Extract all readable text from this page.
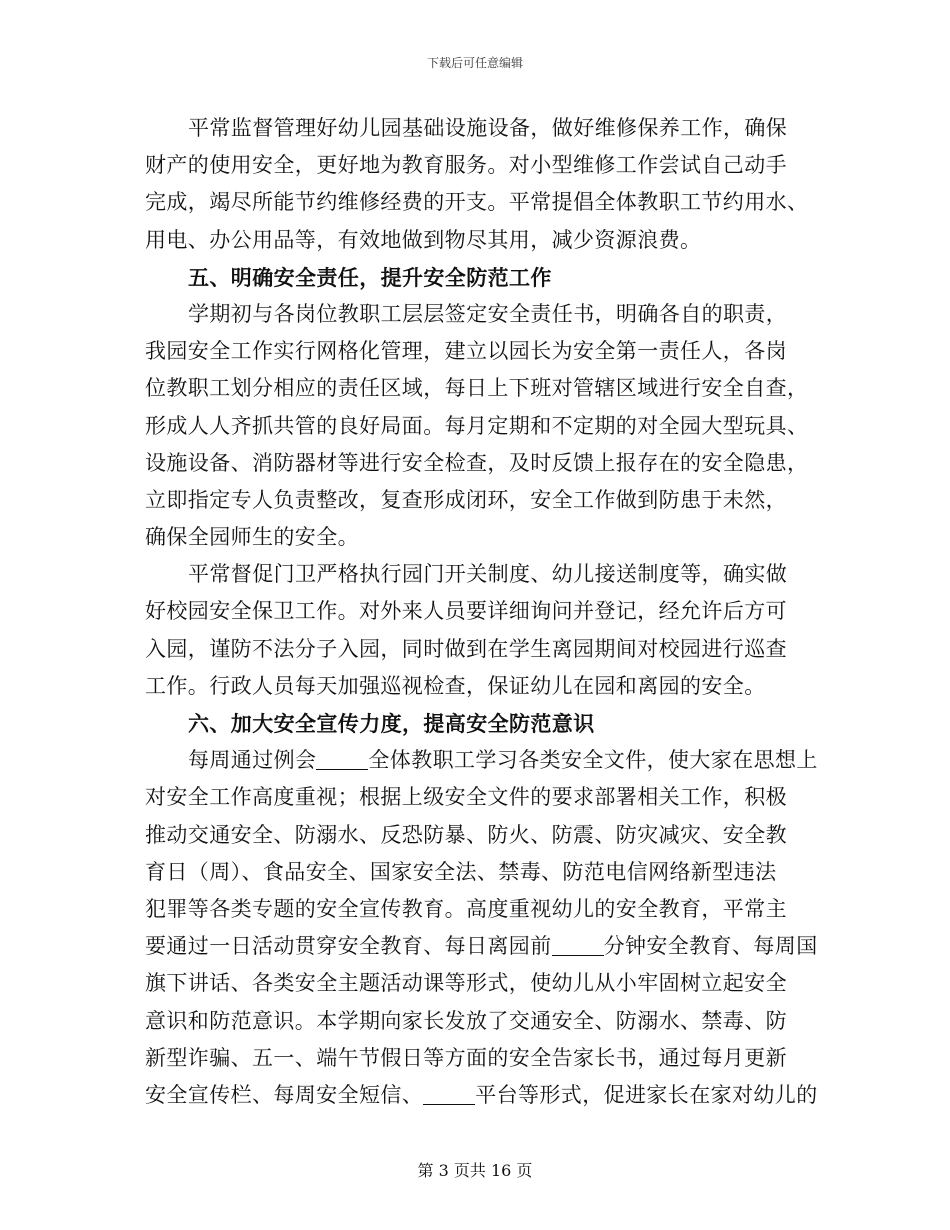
下载后可任意编辑
平常监督管理好幼儿园基础设施设备，做好维修保养工作，确保
财产的使用安全，更好地为教育服务。对小型维修工作尝试自己动手
完成，竭尽所能节约维修经费的开支。平常提倡全体教职工节约用水、
用电、办公用品等，有效地做到物尽其用，减少资源浪费。
五、明确安全责任，提升安全防范工作
学期初与各岗位教职工层层签定安全责任书，明确各自的职责，
我园安全工作实行网格化管理，建立以园长为安全第一责任人，各岗
位教职工划分相应的责任区域，每日上下班对管辖区域进行安全自查，
形成人人齐抓共管的良好局面。每月定期和不定期的对全园大型玩具、
设施设备、消防器材等进行安全检查，及时反馈上报存在的安全隐患，
立即指定专人负责整改，复查形成闭环，安全工作做到防患于未然，
确保全园师生的安全。
平常督促门卫严格执行园门开关制度、幼儿接送制度等，确实做
好校园安全保卫工作。对外来人员要详细询问并登记，经允许后方可
入园，谨防不法分子入园，同时做到在学生离园期间对校园进行巡查
工作。行政人员每天加强巡视检查，保证幼儿在园和离园的安全。
六、加大安全宣传力度，提高安全防范意识
每周通过例会 全体教职工学习各类安全文件，使大家在思想上
对安全工作高度重视；根据上级安全文件的要求部署相关工作，积极
推动交通安全、防溺水、反恐防暴、防火、防震、防灾减灾、安全教
育日（周）、食品安全、国家安全法、禁毒、防范电信网络新型违法
犯罪等各类专题的安全宣传教育。高度重视幼儿的安全教育，平常主
要通过一日活动贯穿安全教育、每日离园前 分钟安全教育、每周国
旗下讲话、各类安全主题活动课等形式，使幼儿从小牢固树立起安全
意识和防范意识。本学期向家长发放了交通安全、防溺水、禁毒、防
新型诈骗、五一、端午节假日等方面的安全告家长书，通过每月更新
安全宣传栏、每周安全短信、 平台等形式，促进家长在家对幼儿的
第 3 页共 16 页
